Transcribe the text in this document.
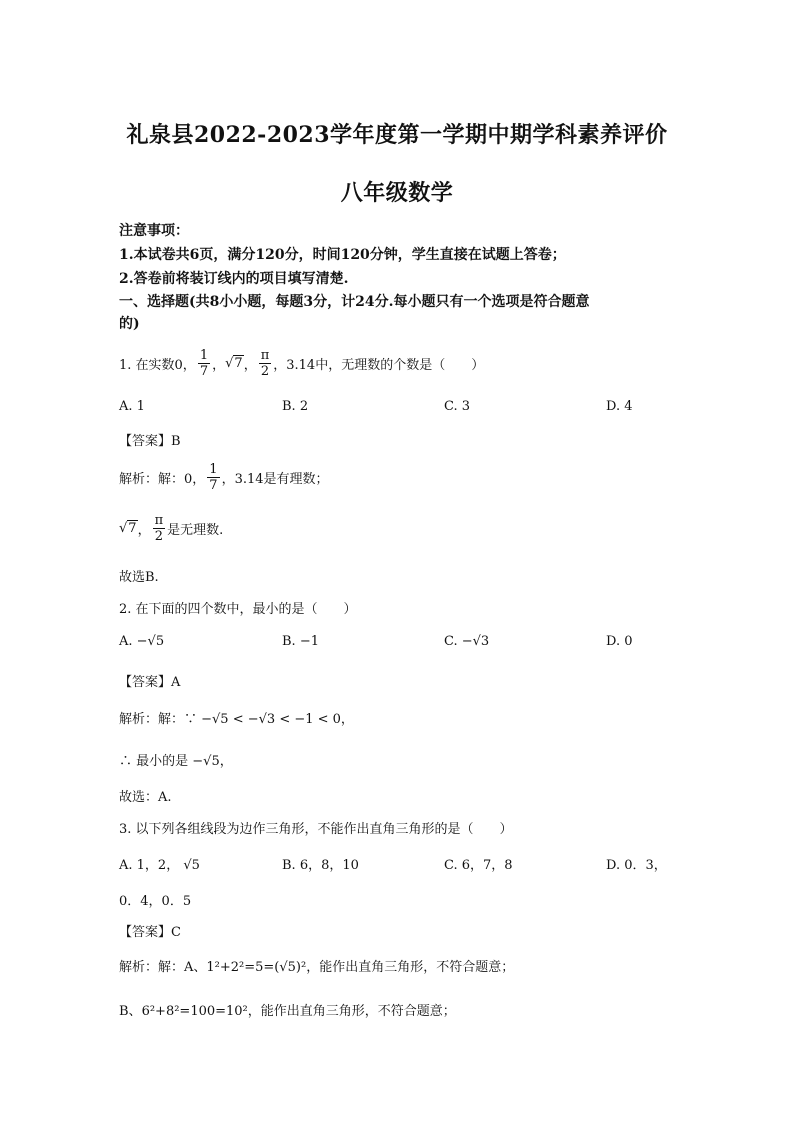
礼泉县2022-2023学年度第一学期中期学科素养评价
八年级数学
注意事项：
1.本试卷共6页，满分120分，时间120分钟，学生直接在试题上答卷；
2.答卷前将装订线内的项目填写清楚.
一、选择题(共8小小题，每题3分，计24分.每小题只有一个选项是符合题意
的)
1. 在实数0， $\frac{1}{7}$ ， √7 ， $\frac{\pi}{2}$ ，3.14中，无理数的个数是（　　）
A. 1	B. 2	C. 3	D. 4
【答案】B
解析：解：0， $\frac{1}{7}$ ，3.14是有理数；
√7 ， $\frac{\pi}{2}$ 是无理数.
故选B.
2. 在下面的四个数中，最小的是（　　）
A. −√5	B. −1	C. −√3	D. 0
【答案】A
解析：解：∵ −√5 < −√3 < −1 < 0，
∴ 最小的是 −√5，
故选：A.
3. 以下列各组线段为边作三角形，不能作出直角三角形的是（　　）
A. 1，2， √5	B. 6，8，10	C. 6，7，8	D. 0．3，
0．4，0．5
【答案】C
解析：解：A、1²+2²=5=(√5)²，能作出直角三角形，不符合题意；
B、6²+8²=100=10²，能作出直角三角形，不符合题意；
